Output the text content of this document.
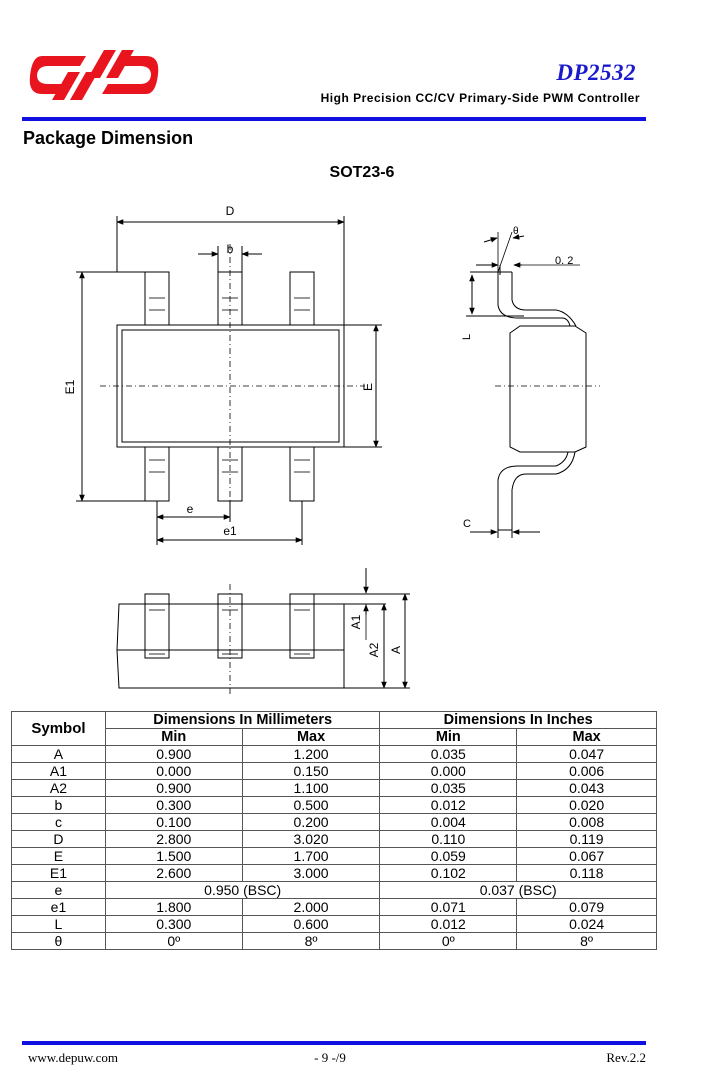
DP2532
High Precision CC/CV Primary-Side PWM Controller
Package Dimension
SOT23-6
D
b
E1	E
e
e1
θ
0. 2
L
C
A1
A2 A
Symbol	Dimensions In Millimeters		Dimensions In Inches	
	Min	Max	Min	Max
A	0.900	1.200	0.035	0.047
A1	0.000	0.150	0.000	0.006
A2	0.900	1.100	0.035	0.043
b	0.300	0.500	0.012	0.020
c	0.100	0.200	0.004	0.008
D	2.800	3.020	0.110	0.119
E	1.500	1.700	0.059	0.067
E1	2.600	3.000	0.102	0.118
e	0.950 (BSC)		0.037 (BSC)	
e1	1.800	2.000	0.071	0.079
L	0.300	0.600	0.012	0.024
θ	0º	8º	0º	8º
www.depuw.com	- 9 -/9	Rev.2.2
